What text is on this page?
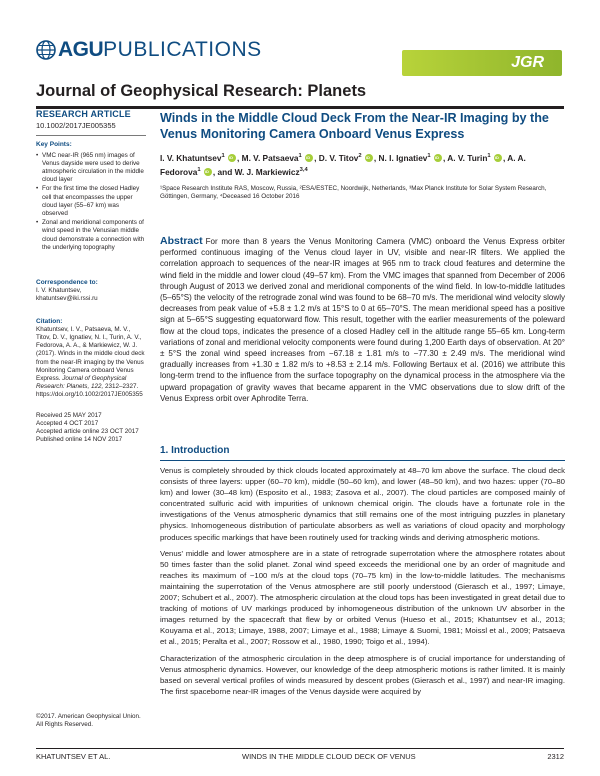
AGU PUBLICATIONS
JGR
Journal of Geophysical Research: Planets
RESEARCH ARTICLE
10.1002/2017JE005355
Key Points:
• VMC near-IR (965 nm) images of Venus dayside were used to derive atmospheric circulation in the middle cloud layer
• For the first time the closed Hadley cell that encompasses the upper cloud layer (55–67 km) was observed
• Zonal and meridional components of wind speed in the Venusian middle cloud demonstrate a connection with the underlying topography
Correspondence to:
I. V. Khatuntsev,
khatuntsev@iki.rssi.ru
Citation:
Khatuntsev, I. V., Patsaeva, M. V., Titov, D. V., Ignatiev, N. I., Turin, A. V., Fedorova, A. A., & Markiewicz, W. J. (2017). Winds in the middle cloud deck from the near-IR imaging by the Venus Monitoring Camera onboard Venus Express. Journal of Geophysical Research: Planets, 122, 2312–2327. https://doi.org/10.1002/2017JE005355

Received 25 MAY 2017

Accepted 4 OCT 2017

Accepted article online 23 OCT 2017

Published online 14 NOV 2017

©2017. American Geophysical Union.
All Rights Reserved.
Winds in the Middle Cloud Deck From the Near-IR Imaging by the Venus Monitoring Camera Onboard Venus Express
I. V. Khatuntsev$^1$ iD , M. V. Patsaeva$^1$ iD , D. V. Titov$^2$ iD , N. I. Ignatiev$^1$ iD , A. V. Turin$^1$ iD , A. A. Fedorova$^1$ iD , and W. J. Markiewicz$^{3,4}$
¹Space Research Institute RAS, Moscow, Russia, ²ESA/ESTEC, Noordwijk, Netherlands, ³Max Planck Institute for Solar System Research, Göttingen, Germany, ⁴Deceased 16 October 2016
Abstract For more than 8 years the Venus Monitoring Camera (VMC) onboard the Venus Express orbiter performed continuous imaging of the Venus cloud layer in UV, visible and near-IR filters. We applied the correlation approach to sequences of the near-IR images at 965 nm to track cloud features and determine the wind field in the middle and lower cloud (49–57 km). From the VMC images that spanned from December of 2006 through August of 2013 we derived zonal and meridional components of the wind field. In low-to-middle latitudes (5–65°S) the velocity of the retrograde zonal wind was found to be 68–70 m/s. The meridional wind velocity slowly decreases from peak value of +5.8 ± 1.2 m/s at 15°S to 0 at 65–70°S. The mean meridional speed has a positive sign at 5–65°S suggesting equatorward flow. This result, together with the earlier measurements of the poleward flow at the cloud tops, indicates the presence of a closed Hadley cell in the altitude range 55–65 km. Long-term variations of zonal and meridional velocity components were found during 1,200 Earth days of observation. At 20° ± 5°S the zonal wind speed increases from −67.18 ± 1.81 m/s to −77.30 ± 2.49 m/s. The meridional wind gradually increases from +1.30 ± 1.82 m/s to +8.53 ± 2.14 m/s. Following Bertaux et al. (2016) we attribute this long-term trend to the influence from the surface topography on the dynamical process in the atmosphere via the upward propagation of gravity waves that became apparent in the VMC observations due to slow drift of the Venus Express orbit over Aphrodite Terra.
1. Introduction

Venus is completely shrouded by thick clouds located approximately at 48–70 km above the surface. The cloud deck consists of three layers: upper (60–70 km), middle (50–60 km), and lower (48–50 km), and two hazes: upper (70–80 km) and lower (30–48 km) (Esposito et al., 1983; Zasova et al., 2007). The cloud particles are composed mainly of concentrated sulfuric acid with impurities of unknown chemical origin. The clouds have a fortunate role in the investigations of the Venus atmospheric dynamics that still remains one of the most intriguing puzzles in planetary physics. Inhomogeneous distribution of particulate absorbers as well as variations of cloud opacity and morphology produces specific markings that have been routinely used for tracking winds and deriving atmospheric motions.

Venus' middle and lower atmosphere are in a state of retrograde superrotation where the atmosphere rotates about 50 times faster than the solid planet. Zonal wind speed exceeds the meridional one by an order of magnitude and reaches its maximum of ~100 m/s at the cloud tops (70–75 km) in the low-to-middle latitudes. The mechanisms maintaining the superrotation of the Venus atmosphere are still poorly understood (Gierasch et al., 1997; Limaye, 2007; Schubert et al., 2007). The atmospheric circulation at the cloud tops has been investigated in great detail due to tracking of motions of UV markings produced by inhomogeneous distribution of the unknown UV absorber in the images returned by the spacecraft that flew by or orbited Venus (Hueso et al., 2015; Khatuntsev et al., 2013; Kouyama et al., 2013; Limaye, 1988, 2007; Limaye et al., 1988; Limaye & Suomi, 1981; Moissl et al., 2009; Patsaeva et al., 2015; Peralta et al., 2007; Rossow et al., 1980, 1990; Toigo et al., 1994).

Characterization of the atmospheric circulation in the deep atmosphere is of crucial importance for understanding of Venus atmospheric dynamics. However, our knowledge of the deep atmospheric motions is rather limited. It is mainly based on several vertical profiles of winds measured by descent probes (Gierasch et al., 1997) and near-IR imaging. The first spaceborne near-IR images of the Venus dayside were acquired by

KHATUNTSEV ET AL.	WINDS IN THE MIDDLE CLOUD DECK OF VENUS	2312
